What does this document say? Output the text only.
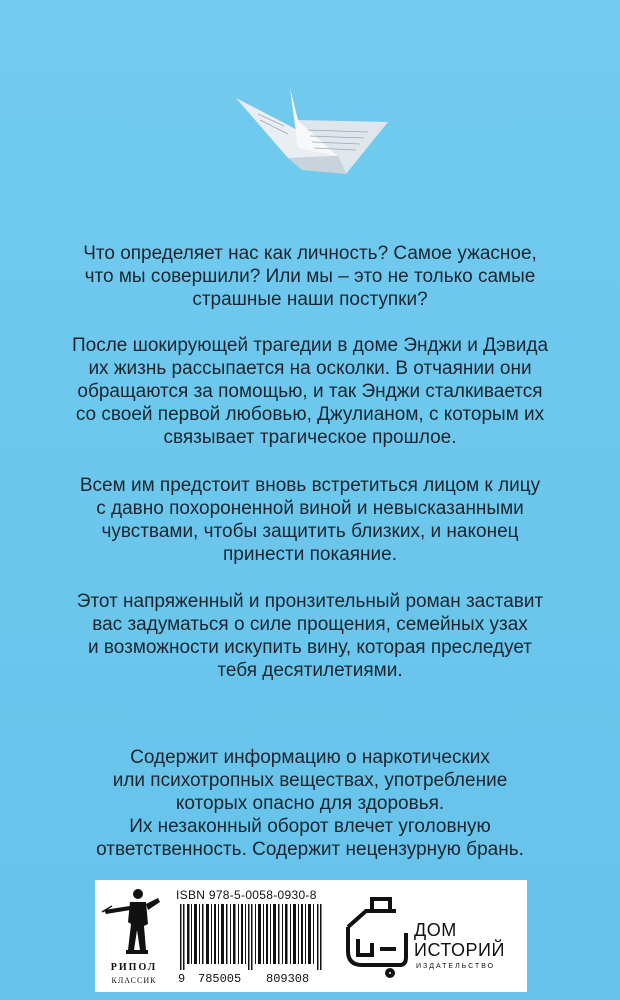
Что определяет нас как личность? Самое ужасное,
что мы совершили? Или мы – это не только самые
страшные наши поступки?
После шокирующей трагедии в доме Энджи и Дэвида
их жизнь рассыпается на осколки. В отчаянии они
обращаются за помощью, и так Энджи сталкивается
со своей первой любовью, Джулианом, с которым их
связывает трагическое прошлое.
Всем им предстоит вновь встретиться лицом к лицу
с давно похороненной виной и невысказанными
чувствами, чтобы защитить близких, и наконец
принести покаяние.
Этот напряженный и пронзительный роман заставит
вас задуматься о силе прощения, семейных узах
и возможности искупить вину, которая преследует
тебя десятилетиями.
Содержит информацию о наркотических
или психотропных веществах, употребление
которых опасно для здоровья.
Их незаконный оборот влечет уголовную
ответственность. Содержит нецензурную брань.
РИПОЛ
КЛАССИК
ISBN 978-5-0058-0930-8
9 785005 809308
ДОМ
ИСТОРИЙ
ИЗДАТЕЛЬСТВО
